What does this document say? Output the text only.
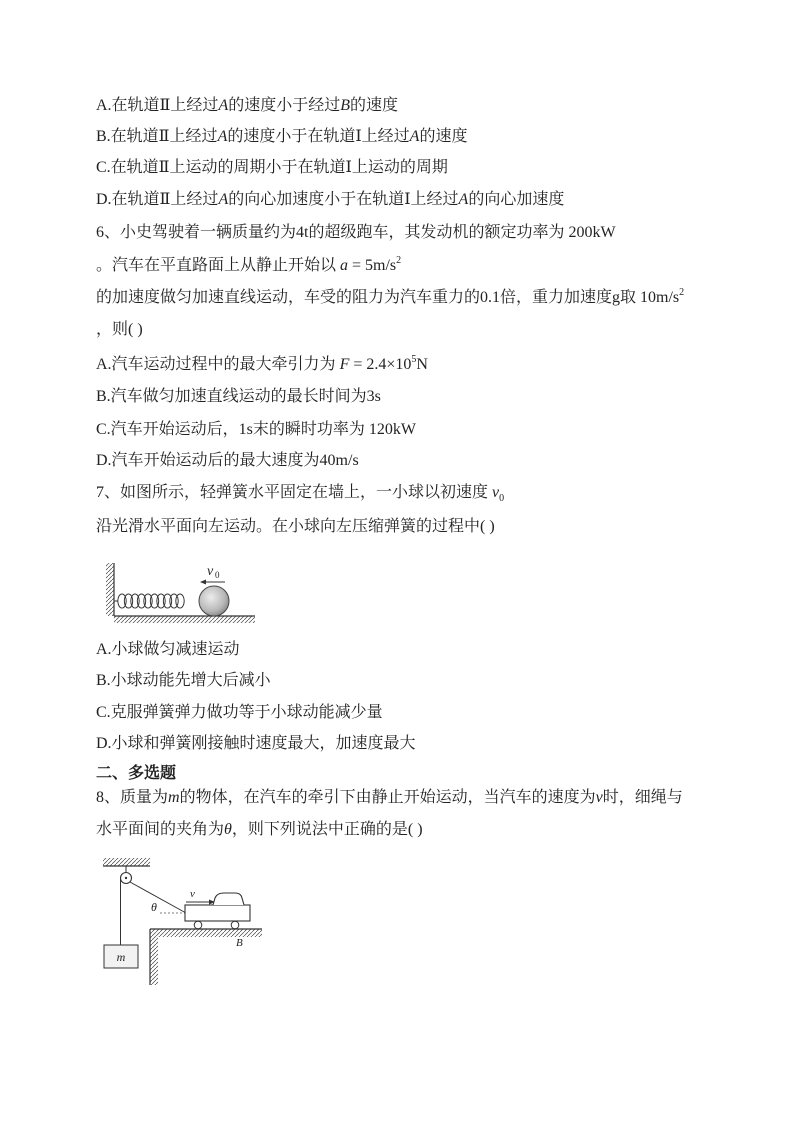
A.在轨道Ⅱ上经过A的速度小于经过B的速度
B.在轨道Ⅱ上经过A的速度小于在轨道Ⅰ上经过A的速度
C.在轨道Ⅱ上运动的周期小于在轨道Ⅰ上运动的周期
D.在轨道Ⅱ上经过A的向心加速度小于在轨道Ⅰ上经过A的向心加速度
6、小史驾驶着一辆质量约为4t的超级跑车，其发动机的额定功率为 200kW
。汽车在平直路面上从静止开始以 $a = 5m/s^2$
的加速度做匀加速直线运动，车受的阻力为汽车重力的0.1倍，重力加速度g取 $10m/s^2$
，则( )
A.汽车运动过程中的最大牵引力为 $F = 2.4\times 10^5N$
B.汽车做匀加速直线运动的最长时间为3s
C.汽车开始运动后，1s末的瞬时功率为 120kW
D.汽车开始运动后的最大速度为40m/s
7、如图所示，轻弹簧水平固定在墙上，一小球以初速度 $v_0$
沿光滑水平面向左运动。在小球向左压缩弹簧的过程中( )
v 0
A.小球做匀减速运动
B.小球动能先增大后减小
C.克服弹簧弹力做功等于小球动能减少量
D.小球和弹簧刚接触时速度最大，加速度最大
二、多选题
8、质量为m的物体，在汽车的牵引下由静止开始运动，当汽车的速度为v时，细绳与
水平面间的夹角为θ，则下列说法中正确的是( )
m
θ
v
B
